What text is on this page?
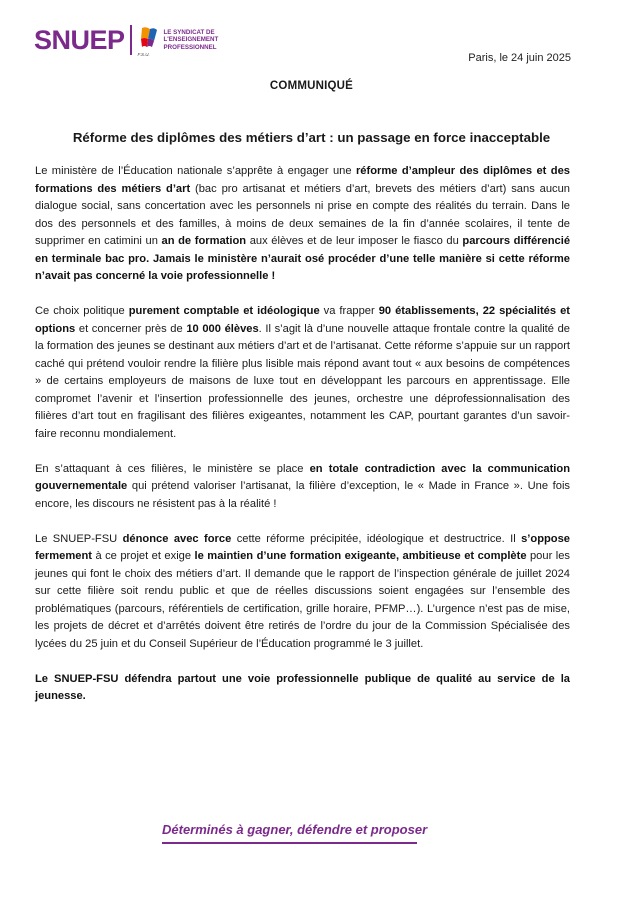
SNUEP	F.S.U.
LE SYNDICAT DE L'ENSEIGNEMENT PROFESSIONNEL
Paris, le 24 juin 2025
COMMUNIQUÉ
Réforme des diplômes des métiers d’art : un passage en force inacceptable

Le ministère de l’Éducation nationale s’apprête à engager une réforme d’ampleur des diplômes et des formations des métiers d’art (bac pro artisanat et métiers d’art, brevets des métiers d’art) sans aucun dialogue social, sans concertation avec les personnels ni prise en compte des réalités du terrain. Dans le dos des personnels et des familles, à moins de deux semaines de la fin d’année scolaires, il tente de supprimer en catimini un an de formation aux élèves et de leur imposer le fiasco du parcours différencié en terminale bac pro. Jamais le ministère n’aurait osé procéder d’une telle manière si cette réforme n’avait pas concerné la voie professionnelle !

Ce choix politique purement comptable et idéologique va frapper 90 établissements, 22 spécialités et options et concerner près de 10 000 élèves. Il s’agit là d’une nouvelle attaque frontale contre la qualité de la formation des jeunes se destinant aux métiers d’art et de l’artisanat. Cette réforme s’appuie sur un rapport caché qui prétend vouloir rendre la filière plus lisible mais répond avant tout « aux besoins de compétences » de certains employeurs de maisons de luxe tout en développant les parcours en apprentissage. Elle compromet l’avenir et l’insertion professionnelle des jeunes, orchestre une déprofessionnalisation des filières d’art tout en fragilisant des filières exigeantes, notamment les CAP, pourtant garantes d’un savoir-faire reconnu mondialement.

En s’attaquant à ces filières, le ministère se place en totale contradiction avec la communication gouvernementale qui prétend valoriser l’artisanat, la filière d’exception, le « Made in France ». Une fois encore, les discours ne résistent pas à la réalité !

Le SNUEP-FSU dénonce avec force cette réforme précipitée, idéologique et destructrice. Il s’oppose fermement à ce projet et exige le maintien d’une formation exigeante, ambitieuse et complète pour les jeunes qui font le choix des métiers d’art. Il demande que le rapport de l’inspection générale de juillet 2024 sur cette filière soit rendu public et que de réelles discussions soient engagées sur l’ensemble des problématiques (parcours, référentiels de certification, grille horaire, PFMP…). L’urgence n’est pas de mise, les projets de décret et d’arrêtés doivent être retirés de l’ordre du jour de la Commission Spécialisée des lycées du 25 juin et du Conseil Supérieur de l’Éducation programmé le 3 juillet.

Le SNUEP-FSU défendra partout une voie professionnelle publique de qualité au service de la jeunesse.

Déterminés à gagner, défendre et proposer
